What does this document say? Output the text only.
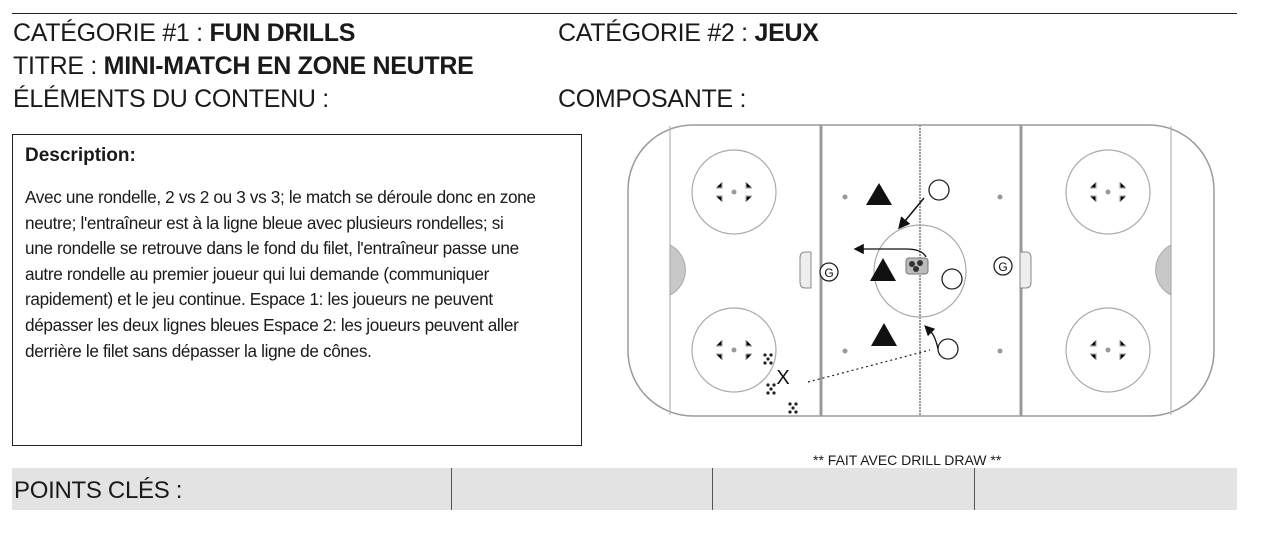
CATÉGORIE #1 : FUN DRILLS	CATÉGORIE #2 : JEUX
TITRE : MINI-MATCH EN ZONE NEUTRE
ÉLÉMENTS DU CONTENU :	COMPOSANTE :
Description:
Avec une rondelle, 2 vs 2 ou 3 vs 3; le match se déroule donc en zone
neutre; l'entraîneur est à la ligne bleue avec plusieurs rondelles; si
une rondelle se retrouve dans le fond du filet, l'entraîneur passe une
autre rondelle au premier joueur qui lui demande (communiquer
rapidement) et le jeu continue. Espace 1: les joueurs ne peuvent
dépasser les deux lignes bleues Espace 2: les joueurs peuvent aller
derrière le filet sans dépasser la ligne de cônes.
G	G
X
** FAIT AVEC DRILL DRAW **
POINTS CLÉS :
